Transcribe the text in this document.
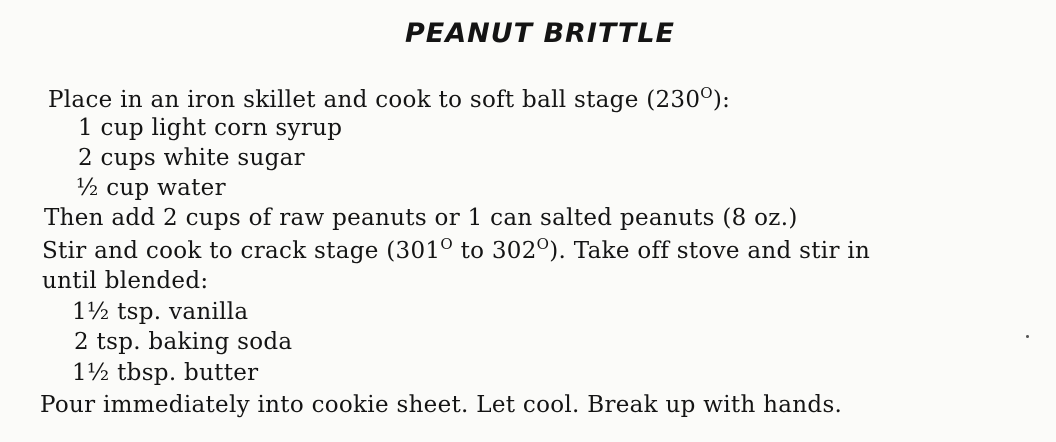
PEANUT BRITTLE
Place in an iron skillet and cook to soft ball stage $(230^O)$:
1 cup light corn syrup
2 cups white sugar
½ cup water
Then add 2 cups of raw peanuts or 1 can salted peanuts (8 oz.)
Stir and cook to crack stage ($301^O$ to $302^O$). Take off stove and stir in
until blended:
1½ tsp. vanilla
2 tsp. baking soda
1½ tbsp. butter
Pour immediately into cookie sheet. Let cool. Break up with hands.
